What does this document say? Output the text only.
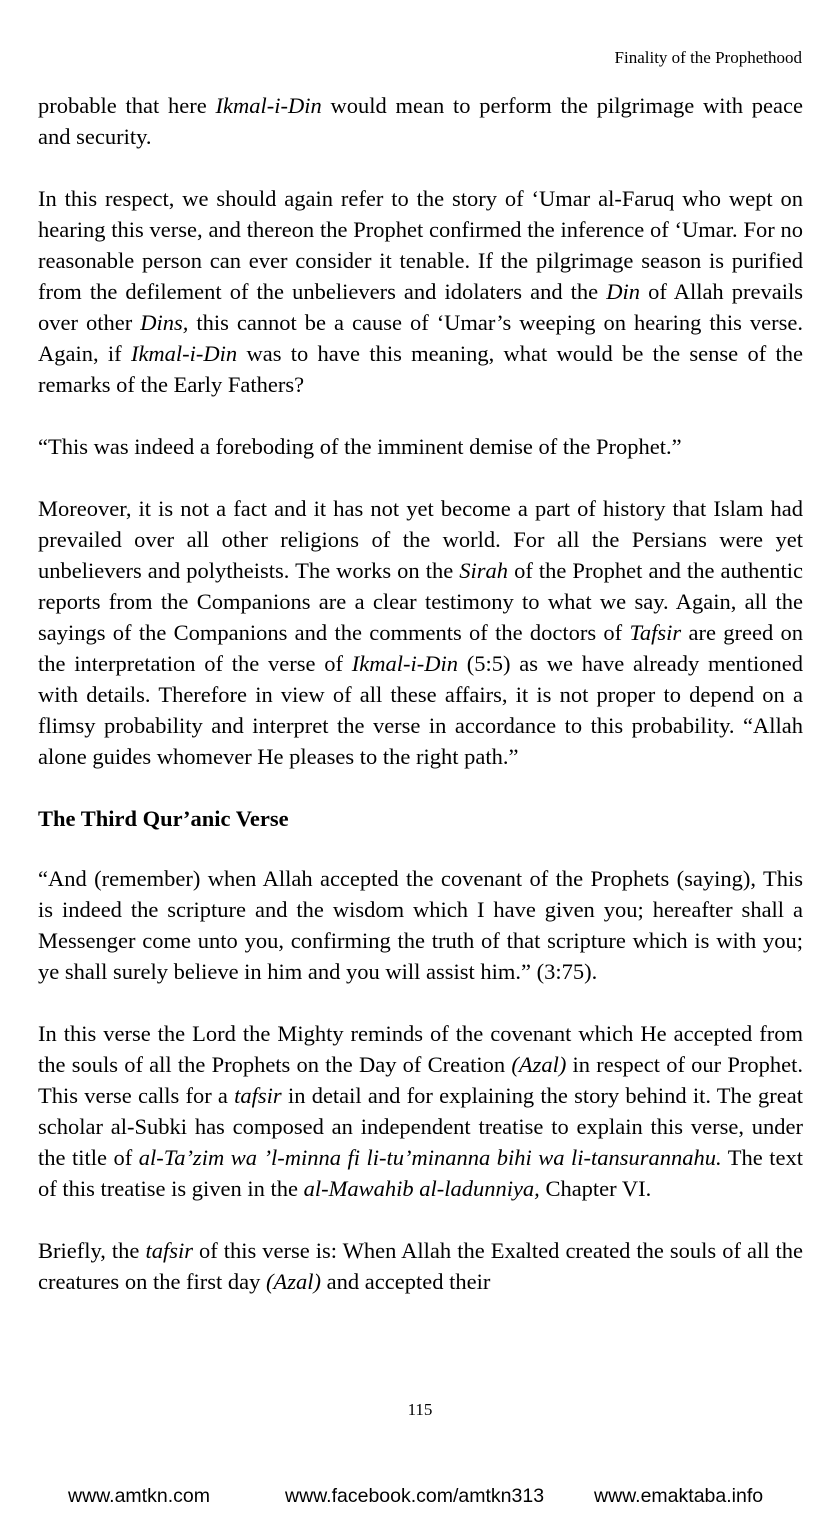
Finality of the Prophethood

probable that here Ikmal-i-Din would mean to perform the pilgrimage with peace and security.

In this respect, we should again refer to the story of ‘Umar al-Faruq who wept on hearing this verse, and thereon the Prophet confirmed the inference of ‘Umar. For no reasonable person can ever consider it tenable. If the pilgrimage season is purified from the defilement of the unbelievers and idolaters and the Din of Allah prevails over other Dins, this cannot be a cause of ‘Umar’s weeping on hearing this verse. Again, if Ikmal-i-Din was to have this meaning, what would be the sense of the remarks of the Early Fathers?

“This was indeed a foreboding of the imminent demise of the Prophet.”

Moreover, it is not a fact and it has not yet become a part of history that Islam had prevailed over all other religions of the world. For all the Persians were yet unbelievers and polytheists. The works on the Sirah of the Prophet and the authentic reports from the Companions are a clear testimony to what we say. Again, all the sayings of the Companions and the comments of the doctors of Tafsir are greed on the interpretation of the verse of Ikmal-i-Din (5:5) as we have already mentioned with details. Therefore in view of all these affairs, it is not proper to depend on a flimsy probability and interpret the verse in accordance to this probability. “Allah alone guides whomever He pleases to the right path.”

The Third Qur’anic Verse

“And (remember) when Allah accepted the covenant of the Prophets (saying), This is indeed the scripture and the wisdom which I have given you; hereafter shall a Messenger come unto you, confirming the truth of that scripture which is with you; ye shall surely believe in him and you will assist him.” (3:75).

In this verse the Lord the Mighty reminds of the covenant which He accepted from the souls of all the Prophets on the Day of Creation (Azal) in respect of our Prophet. This verse calls for a tafsir in detail and for explaining the story behind it. The great scholar al-Subki has composed an independent treatise to explain this verse, under the title of al-Ta’zim wa ’l-minna fi li-tu’minanna bihi wa li-tansurannahu. The text of this treatise is given in the al-Mawahib al-ladunniya, Chapter VI.

Briefly, the tafsir of this verse is: When Allah the Exalted created the souls of all the creatures on the first day (Azal) and accepted their

115
www.amtkn.com	www.facebook.com/amtkn313	www.emaktaba.info
